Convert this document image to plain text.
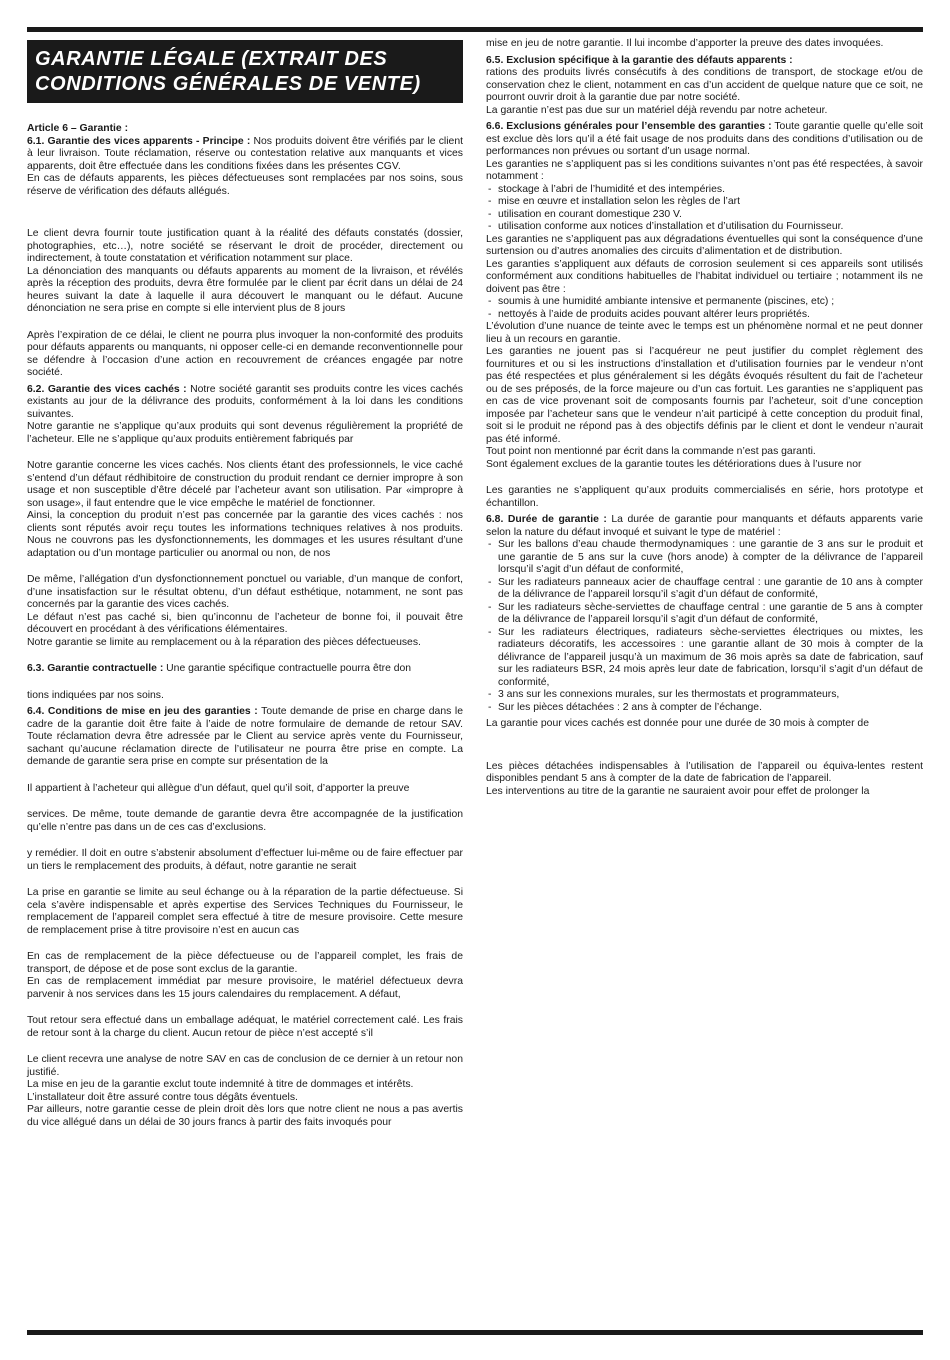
GARANTIE LÉGALE (EXTRAIT DES
CONDITIONS GÉNÉRALES DE VENTE)

Article 6 – Garantie :

6.1. Garantie des vices apparents - Principe : Nos produits doivent être vérifiés par le client à leur livraison. Toute réclamation, réserve ou contestation relative aux manquants et vices apparents, doit être effectuée dans les conditions fixées dans les présentes CGV.

En cas de défauts apparents, les pièces défectueuses sont remplacées par nos soins, sous réserve de vérification des défauts allégués.

Le client devra fournir toute justification quant à la réalité des défauts constatés (dossier, photographies, etc…), notre société se réservant le droit de procéder, directement ou indirectement, à toute constatation et vérification notamment sur place.

La dénonciation des manquants ou défauts apparents au moment de la livraison, et révélés après la réception des produits, devra être formulée par le client par écrit dans un délai de 24 heures suivant la date à laquelle il aura découvert le manquant ou le défaut. Aucune dénonciation ne sera prise en compte si elle intervient plus de 8 jours

Après l’expiration de ce délai, le client ne pourra plus invoquer la non-conformité des produits pour défauts apparents ou manquants, ni opposer celle-ci en demande reconventionnelle pour se défendre à l’occasion d’une action en recouvrement de créances engagée par notre société.

6.2. Garantie des vices cachés : Notre société garantit ses produits contre les vices cachés existants au jour de la délivrance des produits, conformément à la loi dans les conditions suivantes.

Notre garantie ne s’applique qu’aux produits qui sont devenus régulièrement la propriété de l’acheteur. Elle ne s’applique qu’aux produits entièrement fabriqués par

Notre garantie concerne les vices cachés. Nos clients étant des professionnels, le vice caché s’entend d’un défaut rédhibitoire de construction du produit rendant ce dernier impropre à son usage et non susceptible d’être décelé par l’acheteur avant son utilisation. Par «impropre à son usage», il faut entendre que le vice empêche le matériel de fonctionner.

Ainsi, la conception du produit n’est pas concernée par la garantie des vices cachés : nos clients sont réputés avoir reçu toutes les informations techniques relatives à nos produits. Nous ne couvrons pas les dysfonctionnements, les dommages et les usures résultant d’une adaptation ou d’un montage particulier ou anormal ou non, de nos

De même, l’allégation d’un dysfonctionnement ponctuel ou variable, d’un manque de confort, d’une insatisfaction sur le résultat obtenu, d’un défaut esthétique, notamment, ne sont pas concernés par la garantie des vices cachés.

Le défaut n’est pas caché si, bien qu’inconnu de l’acheteur de bonne foi, il pouvait être découvert en procédant à des vérifications élémentaires.

Notre garantie se limite au remplacement ou à la réparation des pièces défectueuses.

6.3. Garantie contractuelle : Une garantie spécifique contractuelle pourra être don

tions indiquées par nos soins.

6.4. Conditions de mise en jeu des garanties : Toute demande de prise en charge dans le cadre de la garantie doit être faite à l’aide de notre formulaire de demande de retour SAV. Toute réclamation devra être adressée par le Client au service après vente du Fournisseur, sachant qu’aucune réclamation directe de l’utilisateur ne pourra être prise en compte. La demande de garantie sera prise en compte sur présentation de la

Il appartient à l’acheteur qui allègue d’un défaut, quel qu’il soit, d’apporter la preuve

services. De même, toute demande de garantie devra être accompagnée de la justification qu’elle n’entre pas dans un de ces cas d’exclusions.

y remédier. Il doit en outre s’abstenir absolument d’effectuer lui-même ou de faire effectuer par un tiers le remplacement des produits, à défaut, notre garantie ne serait

La prise en garantie se limite au seul échange ou à la réparation de la partie défectueuse. Si cela s’avère indispensable et après expertise des Services Techniques du Fournisseur, le remplacement de l’appareil complet sera effectué à titre de mesure provisoire. Cette mesure de remplacement prise à titre provisoire n’est en aucun cas

En cas de remplacement de la pièce défectueuse ou de l’appareil complet, les frais de transport, de dépose et de pose sont exclus de la garantie.

En cas de remplacement immédiat par mesure provisoire, le matériel défectueux devra parvenir à nos services dans les 15 jours calendaires du remplacement. A défaut,

Tout retour sera effectué dans un emballage adéquat, le matériel correctement calé. Les frais de retour sont à la charge du client. Aucun retour de pièce n’est accepté s’il

Le client recevra une analyse de notre SAV en cas de conclusion de ce dernier à un retour non justifié.

La mise en jeu de la garantie exclut toute indemnité à titre de dommages et intérêts.

L’installateur doit être assuré contre tous dégâts éventuels.

Par ailleurs, notre garantie cesse de plein droit dès lors que notre client ne nous a pas avertis du vice allégué dans un délai de 30 jours francs à partir des faits invoqués pour

mise en jeu de notre garantie. Il lui incombe d’apporter la preuve des dates invoquées.

6.5. Exclusion spécifique à la garantie des défauts apparents :

rations des produits livrés consécutifs à des conditions de transport, de stockage et/ou de conservation chez le client, notamment en cas d’un accident de quelque nature que ce soit, ne pourront ouvrir droit à la garantie due par notre société.

La garantie n’est pas due sur un matériel déjà revendu par notre acheteur.

6.6. Exclusions générales pour l’ensemble des garanties : Toute garantie quelle qu’elle soit est exclue dès lors qu’il a été fait usage de nos produits dans des conditions d’utilisation ou de performances non prévues ou sortant d’un usage normal.

Les garanties ne s’appliquent pas si les conditions suivantes n’ont pas été respectées, à savoir notamment :

- stockage à l’abri de l’humidité et des intempéries.
- mise en œuvre et installation selon les règles de l’art
- utilisation en courant domestique 230 V.
- utilisation conforme aux notices d’installation et d’utilisation du Fournisseur.

Les garanties ne s’appliquent pas aux dégradations éventuelles qui sont la conséquence d’une surtension ou d’autres anomalies des circuits d’alimentation et de distribution.

Les garanties s’appliquent aux défauts de corrosion seulement si ces appareils sont utilisés conformément aux conditions habituelles de l’habitat individuel ou tertiaire ; notamment ils ne doivent pas être :

- soumis à une humidité ambiante intensive et permanente (piscines, etc) ;
- nettoyés à l’aide de produits acides pouvant altérer leurs propriétés.

L’évolution d’une nuance de teinte avec le temps est un phénomène normal et ne peut donner lieu à un recours en garantie.

Les garanties ne jouent pas si l’acquéreur ne peut justifier du complet règlement des fournitures et ou si les instructions d’installation et d’utilisation fournies par le vendeur n’ont pas été respectées et plus généralement si les dégâts évoqués résultent du fait de l’acheteur ou de ses préposés, de la force majeure ou d’un cas fortuit. Les garanties ne s’appliquent pas en cas de vice provenant soit de composants fournis par l’acheteur, soit d’une conception imposée par l’acheteur sans que le vendeur n’ait participé à cette conception du produit final, soit si le produit ne répond pas à des objectifs définis par le client et dont le vendeur n’aurait pas été informé.

Tout point non mentionné par écrit dans la commande n’est pas garanti.

Sont également exclues de la garantie toutes les détériorations dues à l’usure nor

Les garanties ne s’appliquent qu’aux produits commercialisés en série, hors prototype et échantillon.

6.8. Durée de garantie : La durée de garantie pour manquants et défauts apparents varie selon la nature du défaut invoqué et suivant le type de matériel :

- Sur les ballons d’eau chaude thermodynamiques : une garantie de 3 ans sur le produit et une garantie de 5 ans sur la cuve (hors anode) à compter de la délivrance de l’appareil lorsqu’il s’agit d’un défaut de conformité,
- Sur les radiateurs panneaux acier de chauffage central : une garantie de 10 ans à compter de la délivrance de l’appareil lorsqu’il s’agit d’un défaut de conformité,
- Sur les radiateurs sèche-serviettes de chauffage central : une garantie de 5 ans à compter de la délivrance de l’appareil lorsqu’il s’agit d’un défaut de conformité,
- Sur les radiateurs électriques, radiateurs sèche-serviettes électriques ou mixtes, les radiateurs décoratifs, les accessoires : une garantie allant de 30 mois à compter de la délivrance de l’appareil jusqu’à un maximum de 36 mois après sa date de fabrication, sauf sur les radiateurs BSR, 24 mois après leur date de fabrication, lorsqu’il s’agit d’un défaut de conformité,
- 3 ans sur les connexions murales, sur les thermostats et programmateurs,
- Sur les pièces détachées : 2 ans à compter de l’échange.

La garantie pour vices cachés est donnée pour une durée de 30 mois à compter de

Les pièces détachées indispensables à l’utilisation de l’appareil ou équiva-lentes restent disponibles pendant 5 ans à compter de la date de fabrication de l’appareil.

Les interventions au titre de la garantie ne sauraient avoir pour effet de prolonger la
